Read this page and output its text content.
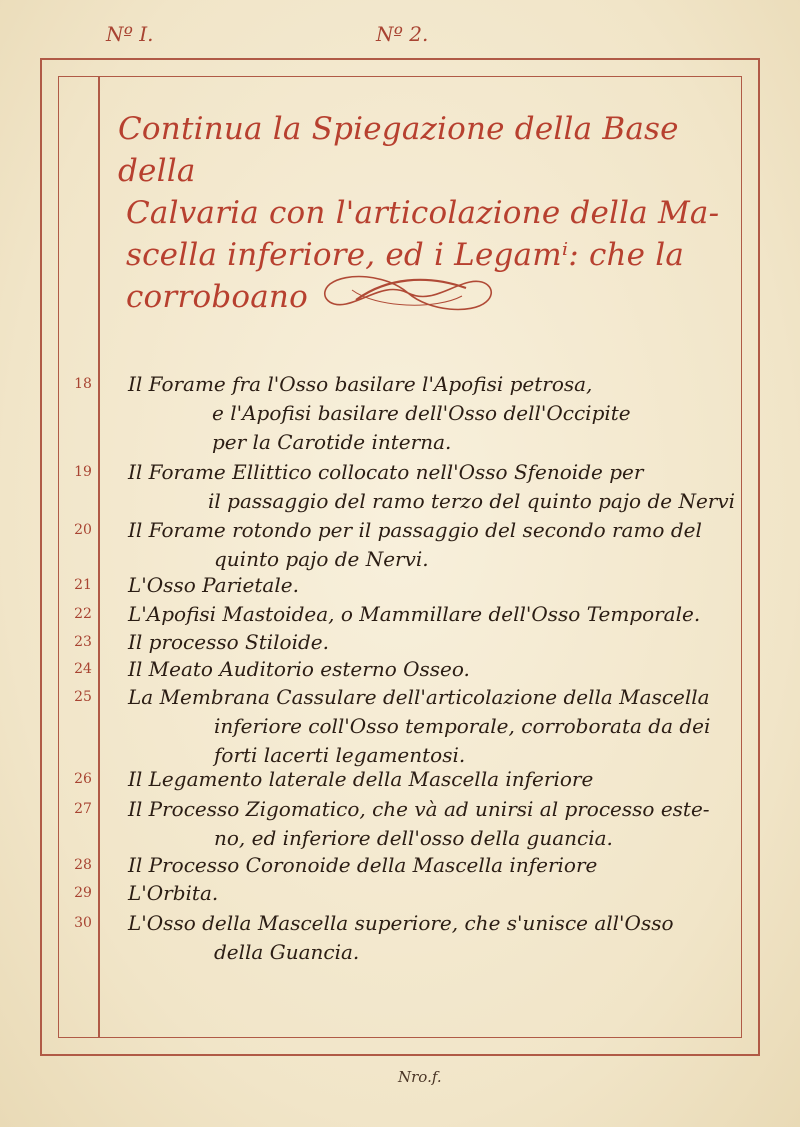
Nº I.	Nº 2.
Continua la Spiegazione della Base della
Calvaria con l'articolazione della Ma-
scella inferiore, ed i Legamⁱ: che la corroboano
18	Il Forame fra l'Osso basilare l'Apofisi petrosa,
e l'Apofisi basilare dell'Osso dell'Occipite
per la Carotide interna.
19	Il Forame Ellittico collocato nell'Osso Sfenoide per
il passaggio del ramo terzo del quinto pajo de Nervi
20	Il Forame rotondo per il passaggio del secondo ramo del
quinto pajo de Nervi.
21	L'Osso Parietale.
22	L'Apofisi Mastoidea, o Mammillare dell'Osso Temporale.
23	Il processo Stiloide.
24	Il Meato Auditorio esterno Osseo.
25	La Membrana Cassulare dell'articolazione della Mascella
inferiore coll'Osso temporale, corroborata da dei
forti lacerti legamentosi.
26	Il Legamento laterale della Mascella inferiore
27	Il Processo Zigomatico, che và ad unirsi al processo este-
no, ed inferiore dell'osso della guancia.
28	Il Processo Coronoide della Mascella inferiore
29	L'Orbita.
30	L'Osso della Mascella superiore, che s'unisce all'Osso
della Guancia.
Nro.f.
